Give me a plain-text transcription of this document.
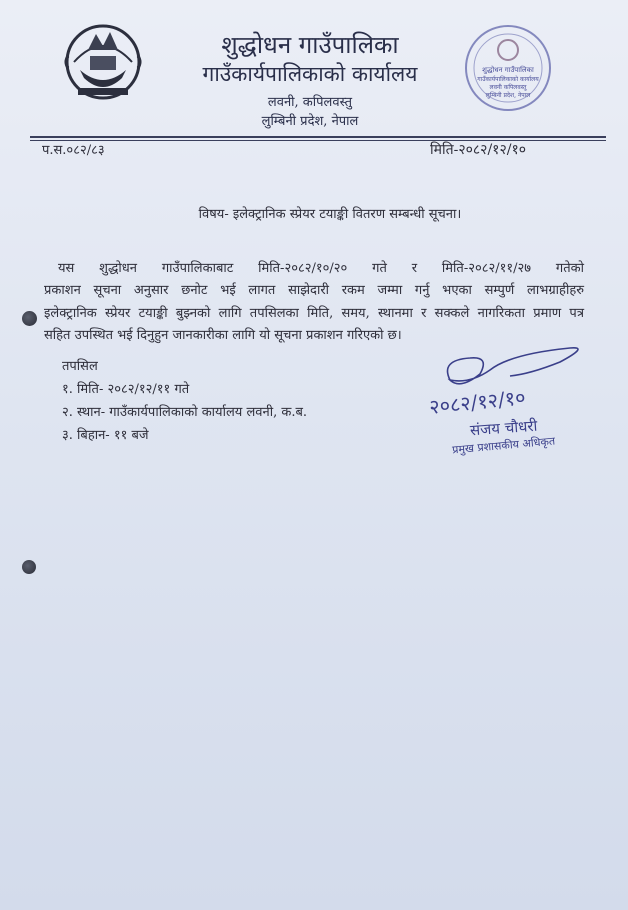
शुद्धोधन गाउँपालिका
गाउँकार्यपालिकाको कार्यालय
लवनी, कपिलवस्तु
लुम्बिनी प्रदेश, नेपाल
शुद्धोधन गाउँपालिका
गाउँकार्यपालिकाको कार्यालय
लवनी कपिलवस्तु
लुम्बिनी प्रदेश, नेपाल
प.स.०८२/८३	मिति-२०८२/१२/१०
विषय- इलेक्ट्रानिक स्प्रेयर टयाङ्की वितरण सम्बन्धी सूचना।
यस शुद्धोधन गाउँपालिकाबाट मिति-२०८२/१०/२० गते र मिति-२०८२/११/२७ गतेको
प्रकाशन सूचना अनुसार छनोट भई लागत साझेदारी रकम जम्मा गर्नु भएका सम्पुर्ण लाभग्राहीहरु
इलेक्ट्रानिक स्प्रेयर टयाङ्की बुझ्नको लागि तपसिलका मिति, समय, स्थानमा र सक्कले नागरिकता प्रमाण पत्र
सहित उपस्थित भई दिनुहुन जानकारीका लागि यो सूचना प्रकाशन गरिएको छ।
तपसिल
१. मिति- २०८२/१२/११ गते
२. स्थान- गाउँकार्यपालिकाको कार्यालय लवनी, क.ब.
३. बिहान- ११ बजे
२०८२/१२/१०
संजय चौधरी
प्रमुख प्रशासकीय अधिकृत
